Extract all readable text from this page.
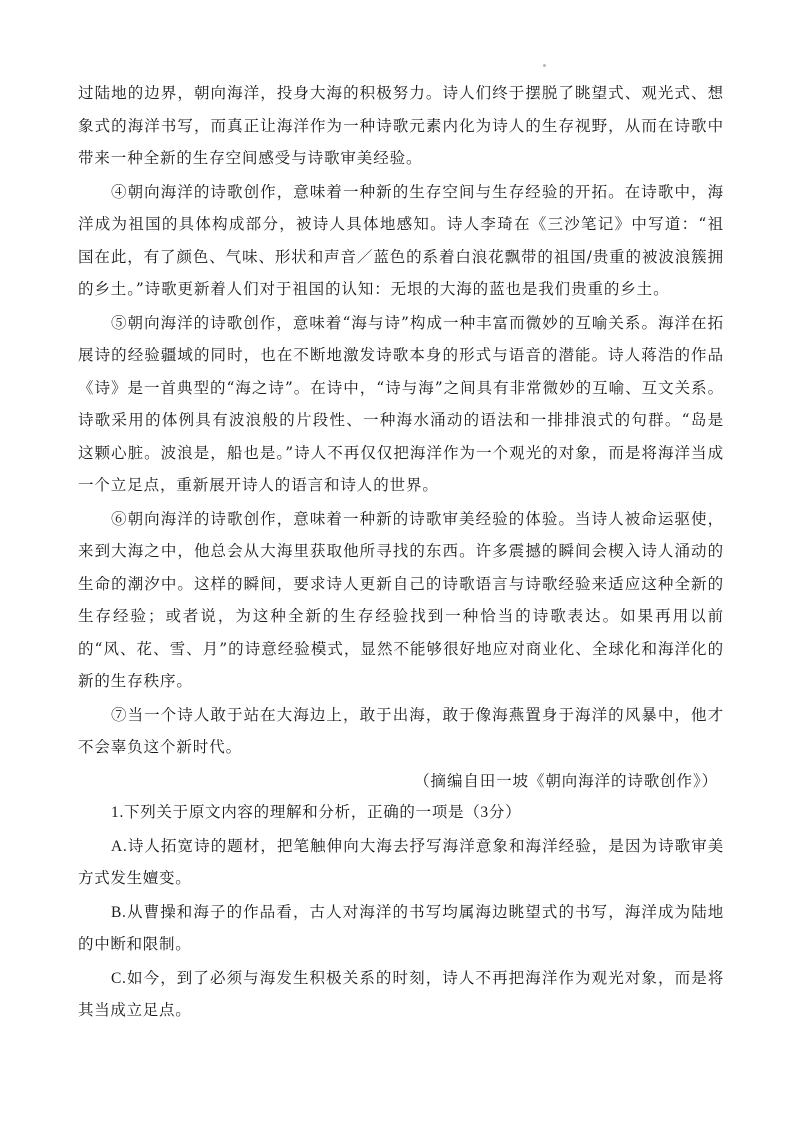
过陆地的边界，朝向海洋，投身大海的积极努力。诗人们终于摆脱了眺望式、观光式、想象式的海洋书写，而真正让海洋作为一种诗歌元素内化为诗人的生存视野，从而在诗歌中带来一种全新的生存空间感受与诗歌审美经验。

④朝向海洋的诗歌创作，意味着一种新的生存空间与生存经验的开拓。在诗歌中，海洋成为祖国的具体构成部分，被诗人具体地感知。诗人李琦在《三沙笔记》中写道：“祖国在此，有了颜色、气味、形状和声音／蓝色的系着白浪花飘带的祖国/贵重的被波浪簇拥的乡土。”诗歌更新着人们对于祖国的认知：无垠的大海的蓝也是我们贵重的乡土。

⑤朝向海洋的诗歌创作，意味着“海与诗”构成一种丰富而微妙的互喻关系。海洋在拓展诗的经验疆域的同时，也在不断地激发诗歌本身的形式与语音的潜能。诗人蒋浩的作品《诗》是一首典型的“海之诗”。在诗中，“诗与海”之间具有非常微妙的互喻、互文关系。诗歌采用的体例具有波浪般的片段性、一种海水涌动的语法和一排排浪式的句群。“岛是这颗心脏。波浪是，船也是。”诗人不再仅仅把海洋作为一个观光的对象，而是将海洋当成一个立足点，重新展开诗人的语言和诗人的世界。

⑥朝向海洋的诗歌创作，意味着一种新的诗歌审美经验的体验。当诗人被命运驱使，来到大海之中，他总会从大海里获取他所寻找的东西。许多震撼的瞬间会楔入诗人涌动的生命的潮汐中。这样的瞬间，要求诗人更新自己的诗歌语言与诗歌经验来适应这种全新的生存经验；或者说，为这种全新的生存经验找到一种恰当的诗歌表达。如果再用以前的“风、花、雪、月”的诗意经验模式，显然不能够很好地应对商业化、全球化和海洋化的新的生存秩序。

⑦当一个诗人敢于站在大海边上，敢于出海，敢于像海燕置身于海洋的风暴中，他才不会辜负这个新时代。

（摘编自田一坡《朝向海洋的诗歌创作》）

1.下列关于原文内容的理解和分析，正确的一项是（3分）

A.诗人拓宽诗的题材，把笔触伸向大海去抒写海洋意象和海洋经验，是因为诗歌审美方式发生嬗变。

B.从曹操和海子的作品看，古人对海洋的书写均属海边眺望式的书写，海洋成为陆地的中断和限制。

C.如今，到了必须与海发生积极关系的时刻，诗人不再把海洋作为观光对象，而是将其当成立足点。
